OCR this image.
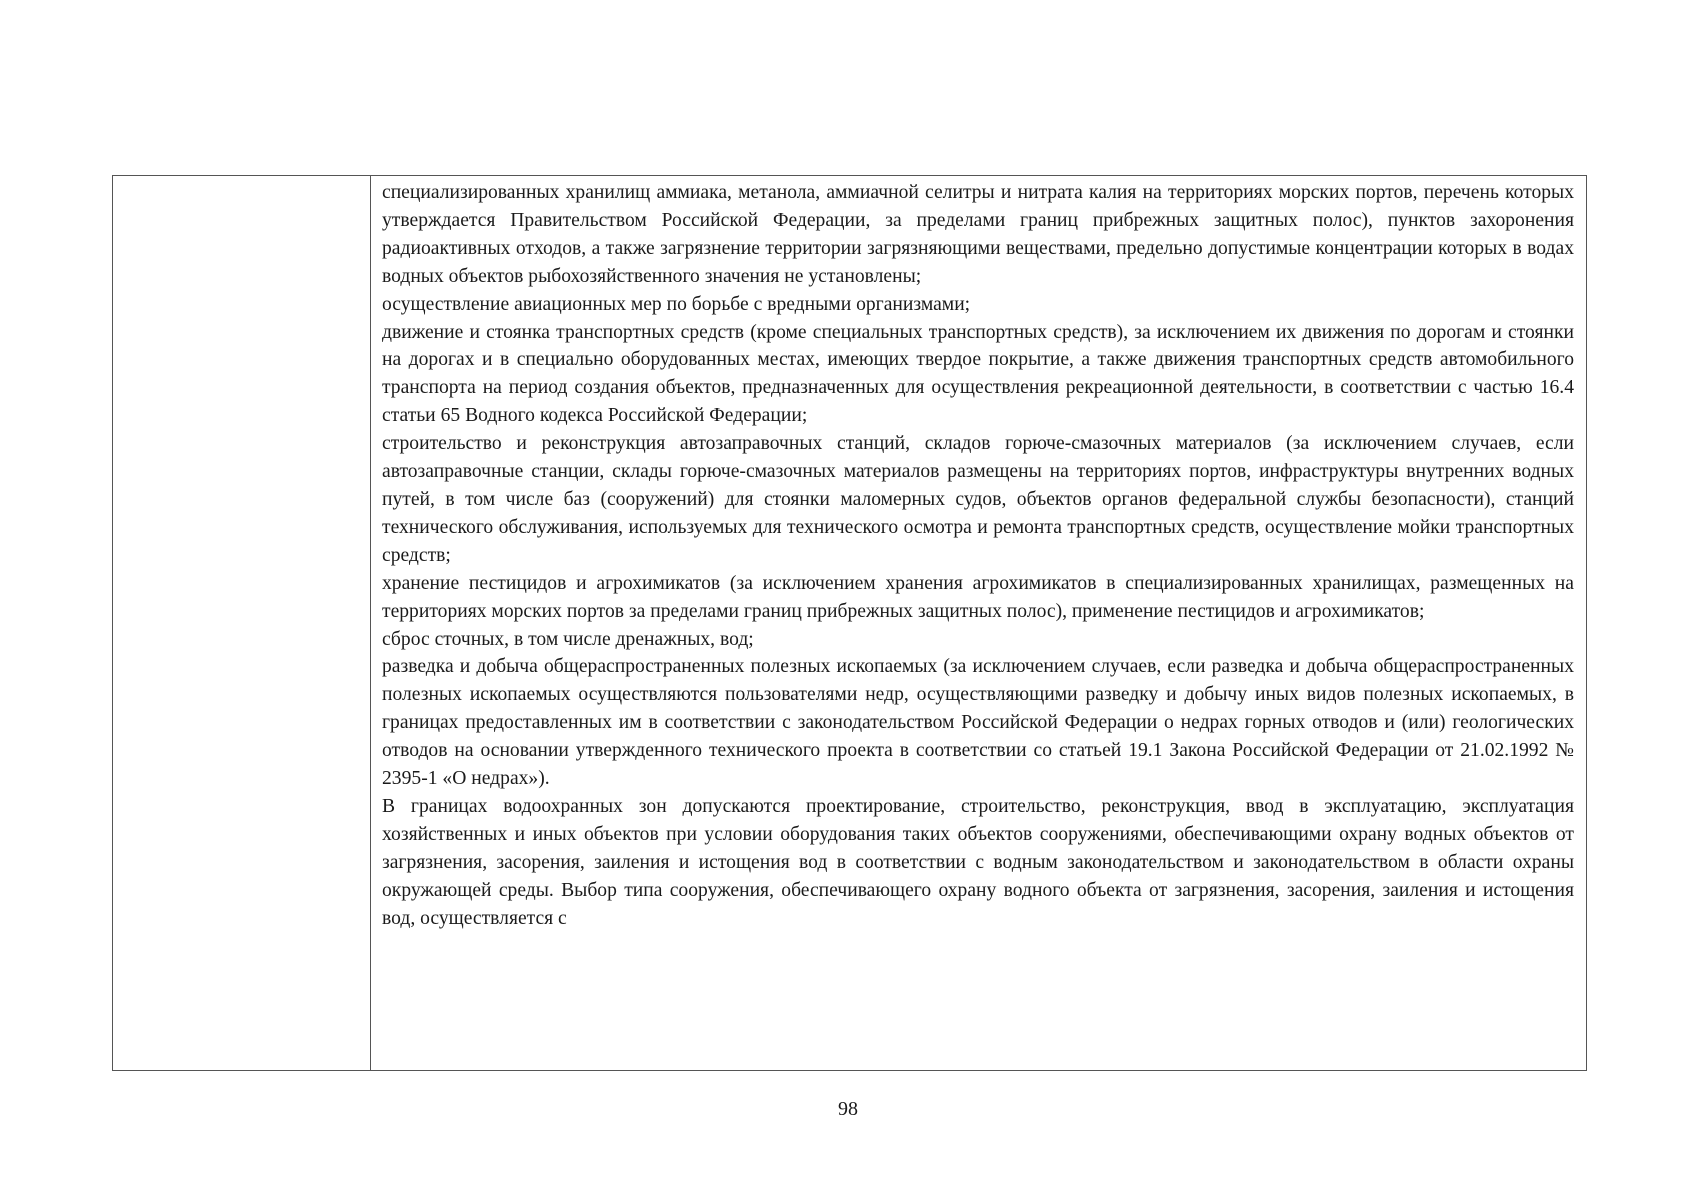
специализированных хранилищ аммиака, метанола, аммиачной селитры и нитрата калия на территориях морских портов, перечень которых утверждается Правительством Российской Федерации, за пределами границ прибрежных защитных полос), пунктов захоронения радиоактивных отходов, а также загрязнение территории загрязняющими веществами, предельно допустимые концентрации которых в водах водных объектов рыбохозяйственного значения не установлены;

осуществление авиационных мер по борьбе с вредными организмами;

движение и стоянка транспортных средств (кроме специальных транспортных средств), за исключением их движения по дорогам и стоянки на дорогах и в специально оборудованных местах, имеющих твердое покрытие, а также движения транспортных средств автомобильного транспорта на период создания объектов, предназначенных для осуществления рекреационной деятельности, в соответствии с частью 16.4 статьи 65 Водного кодекса Российской Федерации;

строительство и реконструкция автозаправочных станций, складов горюче-смазочных материалов (за исключением случаев, если автозаправочные станции, склады горюче-смазочных материалов размещены на территориях портов, инфраструктуры внутренних водных путей, в том числе баз (сооружений) для стоянки маломерных судов, объектов органов федеральной службы безопасности), станций технического обслуживания, используемых для технического осмотра и ремонта транспортных средств, осуществление мойки транспортных средств;

хранение пестицидов и агрохимикатов (за исключением хранения агрохимикатов в специализированных хранилищах, размещенных на территориях морских портов за пределами границ прибрежных защитных полос), применение пестицидов и агрохимикатов;

сброс сточных, в том числе дренажных, вод;

разведка и добыча общераспространенных полезных ископаемых (за исключением случаев, если разведка и добыча общераспространенных полезных ископаемых осуществляются пользователями недр, осуществляющими разведку и добычу иных видов полезных ископаемых, в границах предоставленных им в соответствии с законодательством Российской Федерации о недрах горных отводов и (или) геологических отводов на основании утвержденного технического проекта в соответствии со статьей 19.1 Закона Российской Федерации от 21.02.1992 № 2395-1 «О недрах»).

В границах водоохранных зон допускаются проектирование, строительство, реконструкция, ввод в эксплуатацию, эксплуатация хозяйственных и иных объектов при условии оборудования таких объектов сооружениями, обеспечивающими охрану водных объектов от загрязнения, засорения, заиления и истощения вод в соответствии с водным законодательством и законодательством в области охраны окружающей среды. Выбор типа сооружения, обеспечивающего охрану водного объекта от загрязнения, засорения, заиления и истощения вод, осуществляется с

98
